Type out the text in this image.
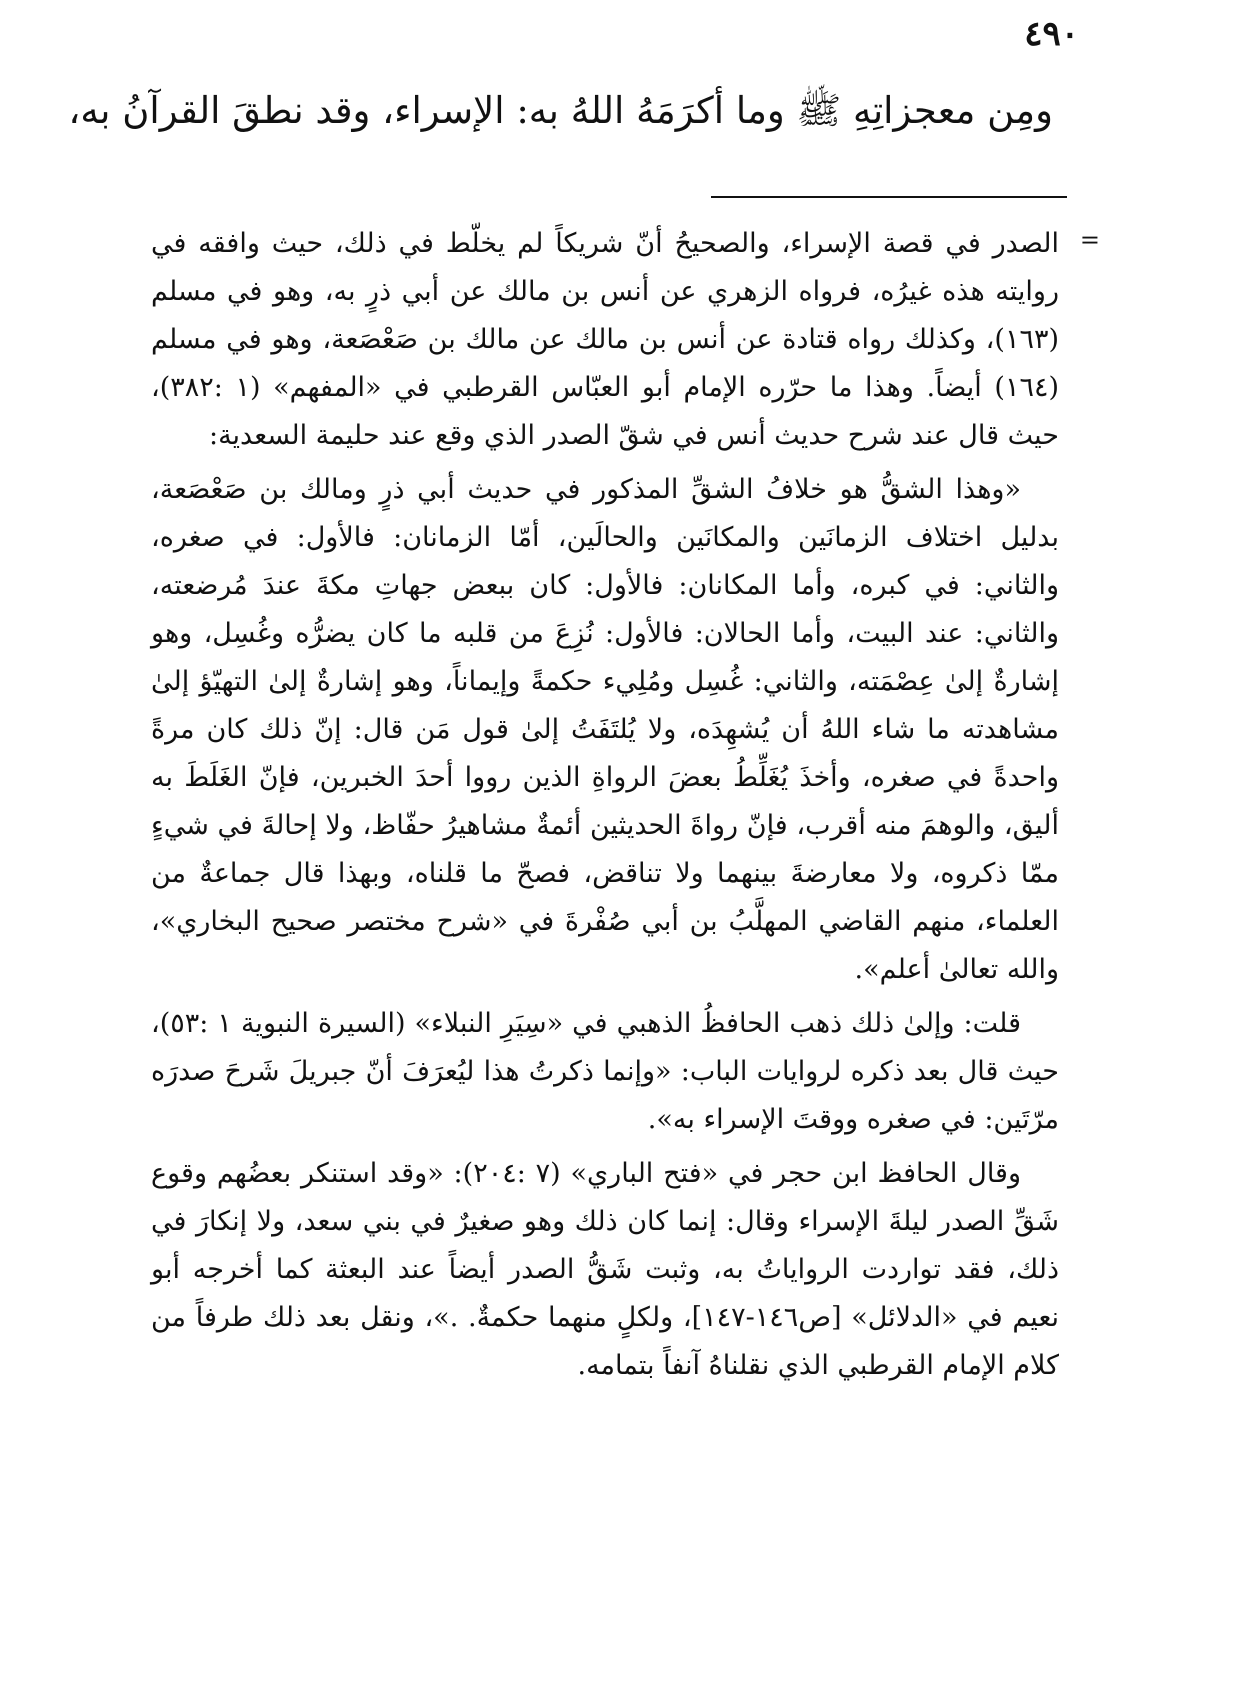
٤٩٠
ومِن معجزاتِهِ ﷺ وما أكرَمَهُ اللهُ به: الإسراء، وقد نطقَ القرآنُ به،
=

الصدر في قصة الإسراء، والصحيحُ أنّ شريكاً لم يخلّط في ذلك، حيث وافقه في روايته هذه غيرُه، فرواه الزهري عن أنس بن مالك عن أبي ذرٍ به، وهو في مسلم (١٦٣)، وكذلك رواه قتادة عن أنس بن مالك عن مالك بن صَعْصَعة، وهو في مسلم (١٦٤) أيضاً. وهذا ما حرّره الإمام أبو العبّاس القرطبي في «المفهم» (١ :٣٨٢)، حيث قال عند شرح حديث أنس في شقّ الصدر الذي وقع عند حليمة السعدية:

«وهذا الشقُّ هو خلافُ الشقِّ المذكور في حديث أبي ذرٍ ومالك بن صَعْصَعة، بدليل اختلاف الزمانَين والمكانَين والحالَين، أمّا الزمانان: فالأول: في صغره، والثاني: في كبره، وأما المكانان: فالأول: كان ببعض جهاتِ مكةَ عندَ مُرضعته، والثاني: عند البيت، وأما الحالان: فالأول: نُزِعَ من قلبه ما كان يضرُّه وغُسِل، وهو إشارةٌ إلىٰ عِصْمَته، والثاني: غُسِل ومُلِيء حكمةً وإيماناً، وهو إشارةٌ إلىٰ التهيّؤ إلىٰ مشاهدته ما شاء اللهُ أن يُشهِدَه، ولا يُلتَفَتُ إلىٰ قول مَن قال: إنّ ذلك كان مرةً واحدةً في صغره، وأخذَ يُغَلِّطُ بعضَ الرواةِ الذين رووا أحدَ الخبرين، فإنّ الغَلَطَ به أليق، والوهمَ منه أقرب، فإنّ رواةَ الحديثين أئمةٌ مشاهيرُ حفّاظ، ولا إحالةَ في شيءٍ ممّا ذكروه، ولا معارضةَ بينهما ولا تناقض، فصحّ ما قلناه، وبهذا قال جماعةٌ من العلماء، منهم القاضي المهلَّبُ بن أبي صُفْرةَ في «شرح مختصر صحيح البخاري»، والله تعالىٰ أعلم».

قلت: وإلىٰ ذلك ذهب الحافظُ الذهبي في «سِيَرِ النبلاء» (السيرة النبوية ١ :٥٣)، حيث قال بعد ذكره لروايات الباب: «وإنما ذكرتُ هذا ليُعرَفَ أنّ جبريلَ شَرحَ صدرَه مرّتَين: في صغره ووقتَ الإسراء به».

وقال الحافظ ابن حجر في «فتح الباري» (٧ :٢٠٤): «وقد استنكر بعضُهم وقوع شَقِّ الصدر ليلةَ الإسراء وقال: إنما كان ذلك وهو صغيرٌ في بني سعد، ولا إنكارَ في ذلك، فقد تواردت الرواياتُ به، وثبت شَقُّ الصدر أيضاً عند البعثة كما أخرجه أبو نعيم في «الدلائل» [ص١٤٦-١٤٧]، ولكلٍ منهما حكمةٌ. .»، ونقل بعد ذلك طرفاً من كلام الإمام القرطبي الذي نقلناهُ آنفاً بتمامه.
